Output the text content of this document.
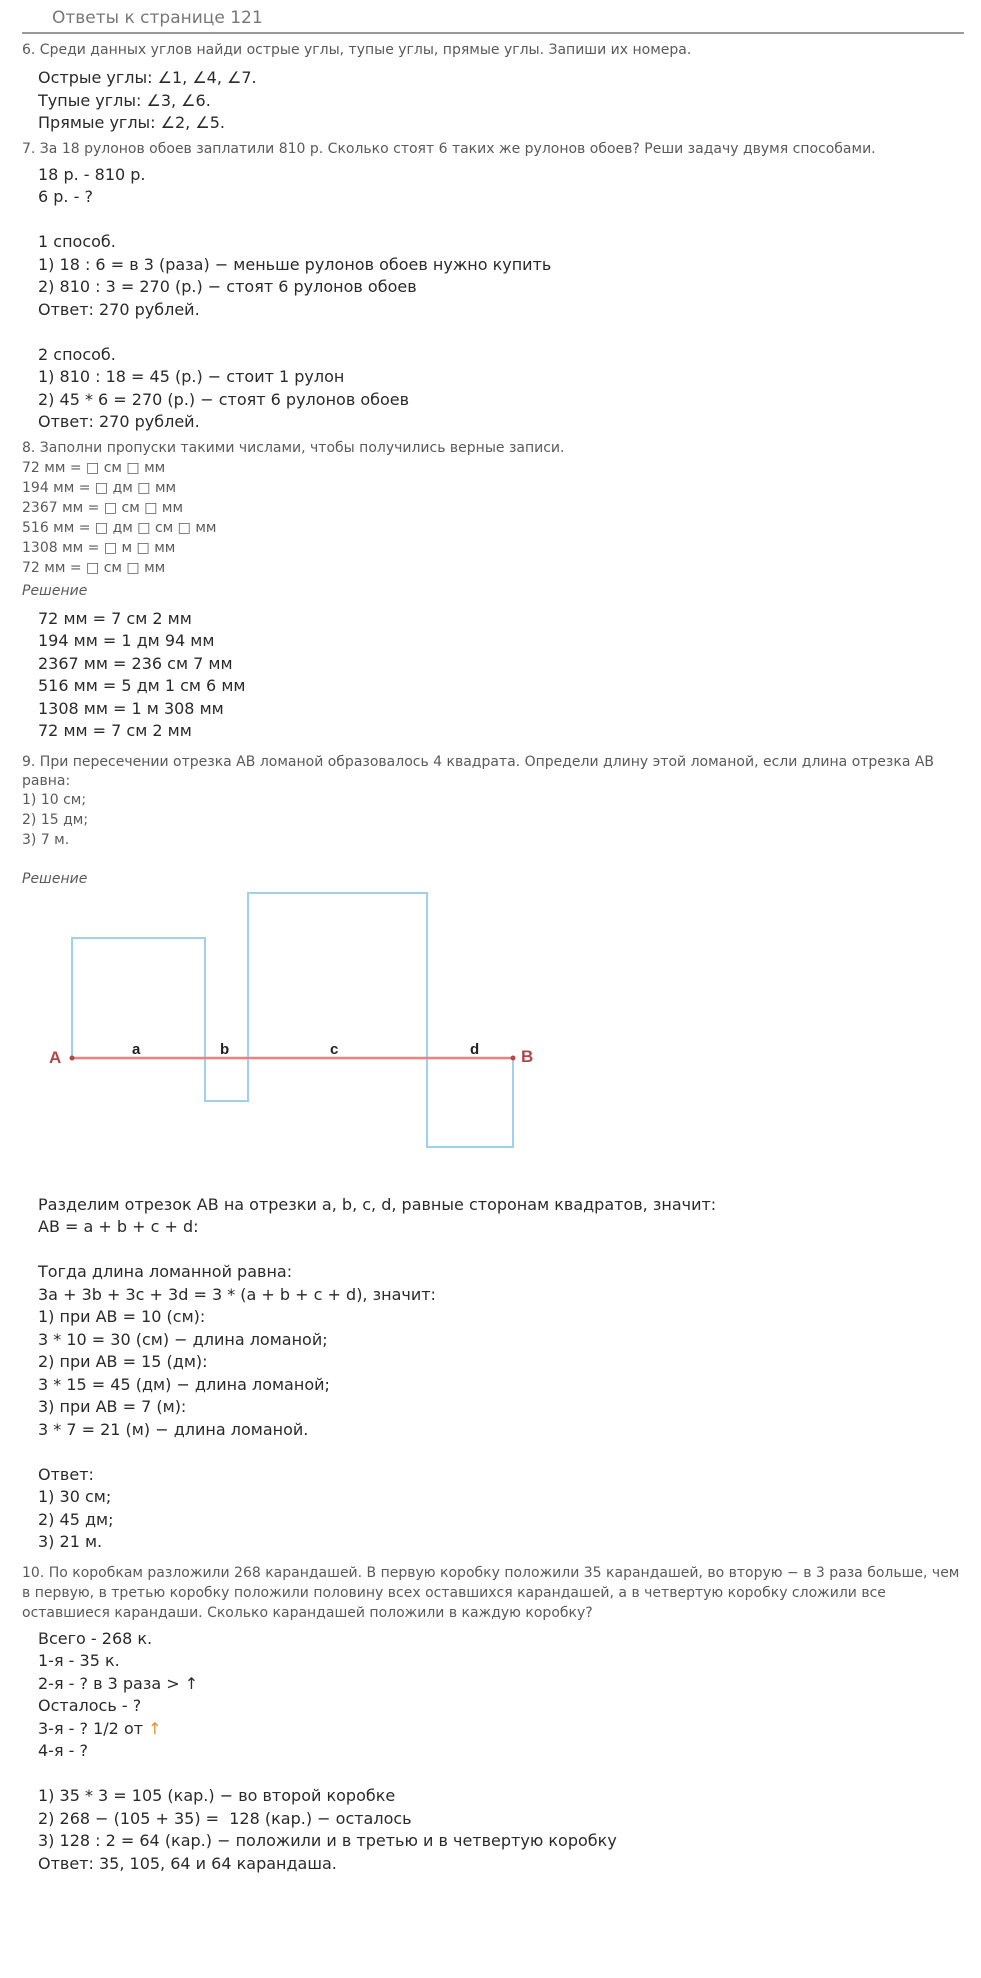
Ответы к странице 121
6. Среди данных углов найди острые углы, тупые углы, прямые углы. Запиши их номера.
Острые углы: ∠1, ∠4, ∠7.
Тупые углы: ∠3, ∠6.
Прямые углы: ∠2, ∠5.
7. За 18 рулонов обоев заплатили 810 р. Сколько стоят 6 таких же рулонов обоев? Реши задачу двумя способами.
18 р. - 810 р.
6 р. - ?
1 способ.
1) 18 : 6 = в 3 (раза) − меньше рулонов обоев нужно купить
2) 810 : 3 = 270 (р.) − стоят 6 рулонов обоев
Ответ: 270 рублей.
2 способ.
1) 810 : 18 = 45 (р.) − стоит 1 рулон
2) 45 * 6 = 270 (р.) − стоят 6 рулонов обоев
Ответ: 270 рублей.
8. Заполни пропуски такими числами, чтобы получились верные записи.
72 мм = □ см □ мм
194 мм = □ дм □ мм
2367 мм = □ см □ мм
516 мм = □ дм □ см □ мм
1308 мм = □ м □ мм
72 мм = □ см □ мм
Решение
72 мм = 7 см 2 мм
194 мм = 1 дм 94 мм
2367 мм = 236 см 7 мм
516 мм = 5 дм 1 см 6 мм
1308 мм = 1 м 308 мм
72 мм = 7 см 2 мм
9. При пересечении отрезка АВ ломаной образовалось 4 квадрата. Определи длину этой ломаной, если длина отрезка АВ
равна:
1) 10 см;
2) 15 дм;
3) 7 м.
Решение
A	B
a	b	c	d
Разделим отрезок АВ на отрезки a, b, c, d, равные сторонам квадратов, значит:
АВ = a + b + c + d:
Тогда длина ломанной равна:
3a + 3b + 3c + 3d = 3 * (a + b + c + d), значит:
1) при АВ = 10 (см):
3 * 10 = 30 (см) − длина ломаной;
2) при АВ = 15 (дм):
3 * 15 = 45 (дм) − длина ломаной;
3) при АВ = 7 (м):
3 * 7 = 21 (м) − длина ломаной.
Ответ:
1) 30 см;
2) 45 дм;
3) 21 м.
10. По коробкам разложили 268 карандашей. В первую коробку положили 35 карандашей, во вторую − в 3 раза больше, чем
в первую, в третью коробку положили половину всех оставшихся карандашей, а в четвертую коробку сложили все
оставшиеся карандаши. Сколько карандашей положили в каждую коробку?
Всего - 268 к.
1-я - 35 к.
2-я - ? в 3 раза > ↑
Осталось - ?
3-я - ? 1/2 от ↑
4-я - ?
1) 35 * 3 = 105 (кар.) − во второй коробке
2) 268 − (105 + 35) =  128 (кар.) − осталось
3) 128 : 2 = 64 (кар.) − положили и в третью и в четвертую коробку
Ответ: 35, 105, 64 и 64 карандаша.
